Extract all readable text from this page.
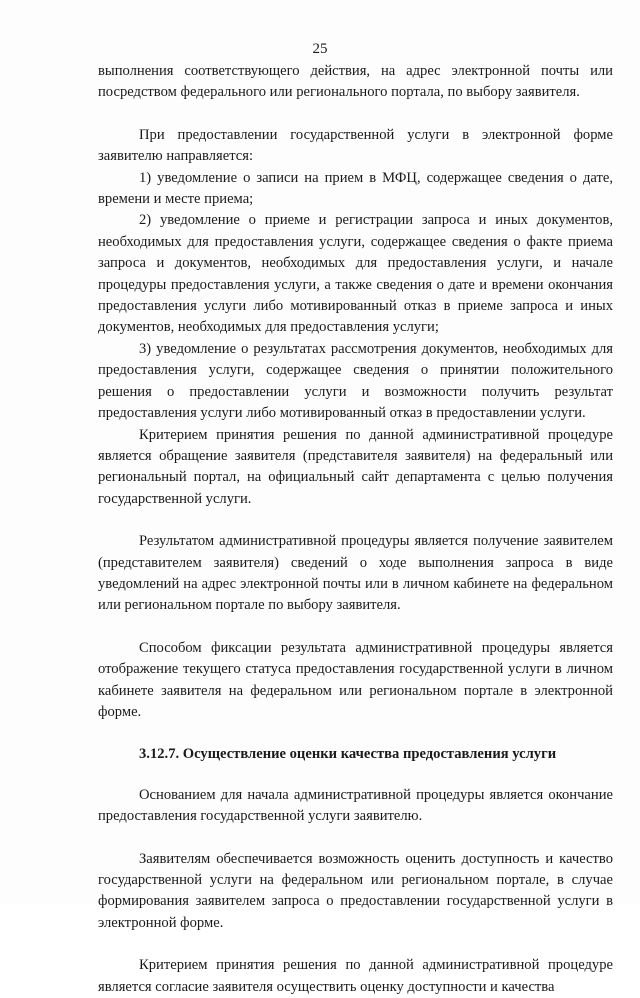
25

выполнения соответствующего действия, на адрес электронной почты или посредством федерального или регионального портала, по выбору заявителя.

При предоставлении государственной услуги в электронной форме заявителю направляется:

1) уведомление о записи на прием в МФЦ, содержащее сведения о дате, времени и месте приема;

2) уведомление о приеме и регистрации запроса и иных документов, необходимых для предоставления услуги, содержащее сведения о факте приема запроса и документов, необходимых для предоставления услуги, и начале процедуры предоставления услуги, а также сведения о дате и времени окончания предоставления услуги либо мотивированный отказ в приеме запроса и иных документов, необходимых для предоставления услуги;

3) уведомление о результатах рассмотрения документов, необходимых для предоставления услуги, содержащее сведения о принятии положительного решения о предоставлении услуги и возможности получить результат предоставления услуги либо мотивированный отказ в предоставлении услуги.

Критерием принятия решения по данной административной процедуре является обращение заявителя (представителя заявителя) на федеральный или региональный портал, на официальный сайт департамента с целью получения государственной услуги.

Результатом административной процедуры является получение заявителем (представителем заявителя) сведений о ходе выполнения запроса в виде уведомлений на адрес электронной почты или в личном кабинете на федеральном или региональном портале по выбору заявителя.

Способом фиксации результата административной процедуры является отображение текущего статуса предоставления государственной услуги в личном кабинете заявителя на федеральном или региональном портале в электронной форме.

3.12.7. Осуществление оценки качества предоставления услуги

Основанием для начала административной процедуры является окончание предоставления государственной услуги заявителю.

Заявителям обеспечивается возможность оценить доступность и качество государственной услуги на федеральном или региональном портале, в случае формирования заявителем запроса о предоставлении государственной услуги в электронной форме.

Критерием принятия решения по данной административной процедуре является согласие заявителя осуществить оценку доступности и качества
